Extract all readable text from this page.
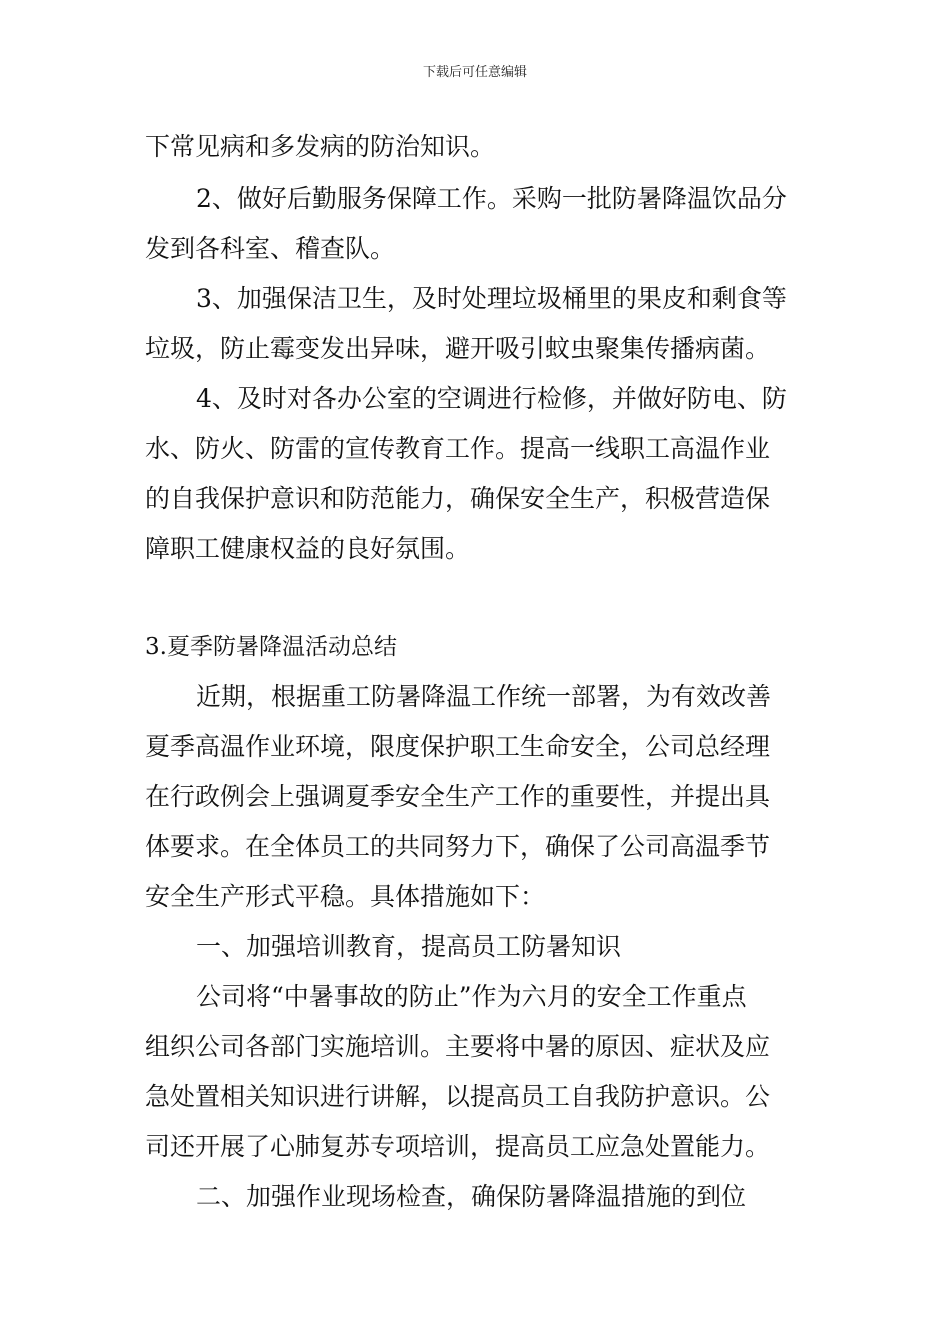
下载后可任意编辑
下常见病和多发病的防治知识。
2、做好后勤服务保障工作。采购一批防暑降温饮品分
发到各科室、稽查队。
3、加强保洁卫生，及时处理垃圾桶里的果皮和剩食等
垃圾，防止霉变发出异味，避开吸引蚊虫聚集传播病菌。
4、及时对各办公室的空调进行检修，并做好防电、防
水、防火、防雷的宣传教育工作。提高一线职工高温作业
的自我保护意识和防范能力，确保安全生产，积极营造保
障职工健康权益的良好氛围。
3.夏季防暑降温活动总结
近期，根据重工防暑降温工作统一部署，为有效改善
夏季高温作业环境，限度保护职工生命安全，公司总经理
在行政例会上强调夏季安全生产工作的重要性，并提出具
体要求。在全体员工的共同努力下，确保了公司高温季节
安全生产形式平稳。具体措施如下：
一、加强培训教育，提高员工防暑知识
公司将“中暑事故的防止”作为六月的安全工作重点
组织公司各部门实施培训。主要将中暑的原因、症状及应
急处置相关知识进行讲解，以提高员工自我防护意识。公
司还开展了心肺复苏专项培训，提高员工应急处置能力。
二、加强作业现场检查，确保防暑降温措施的到位
